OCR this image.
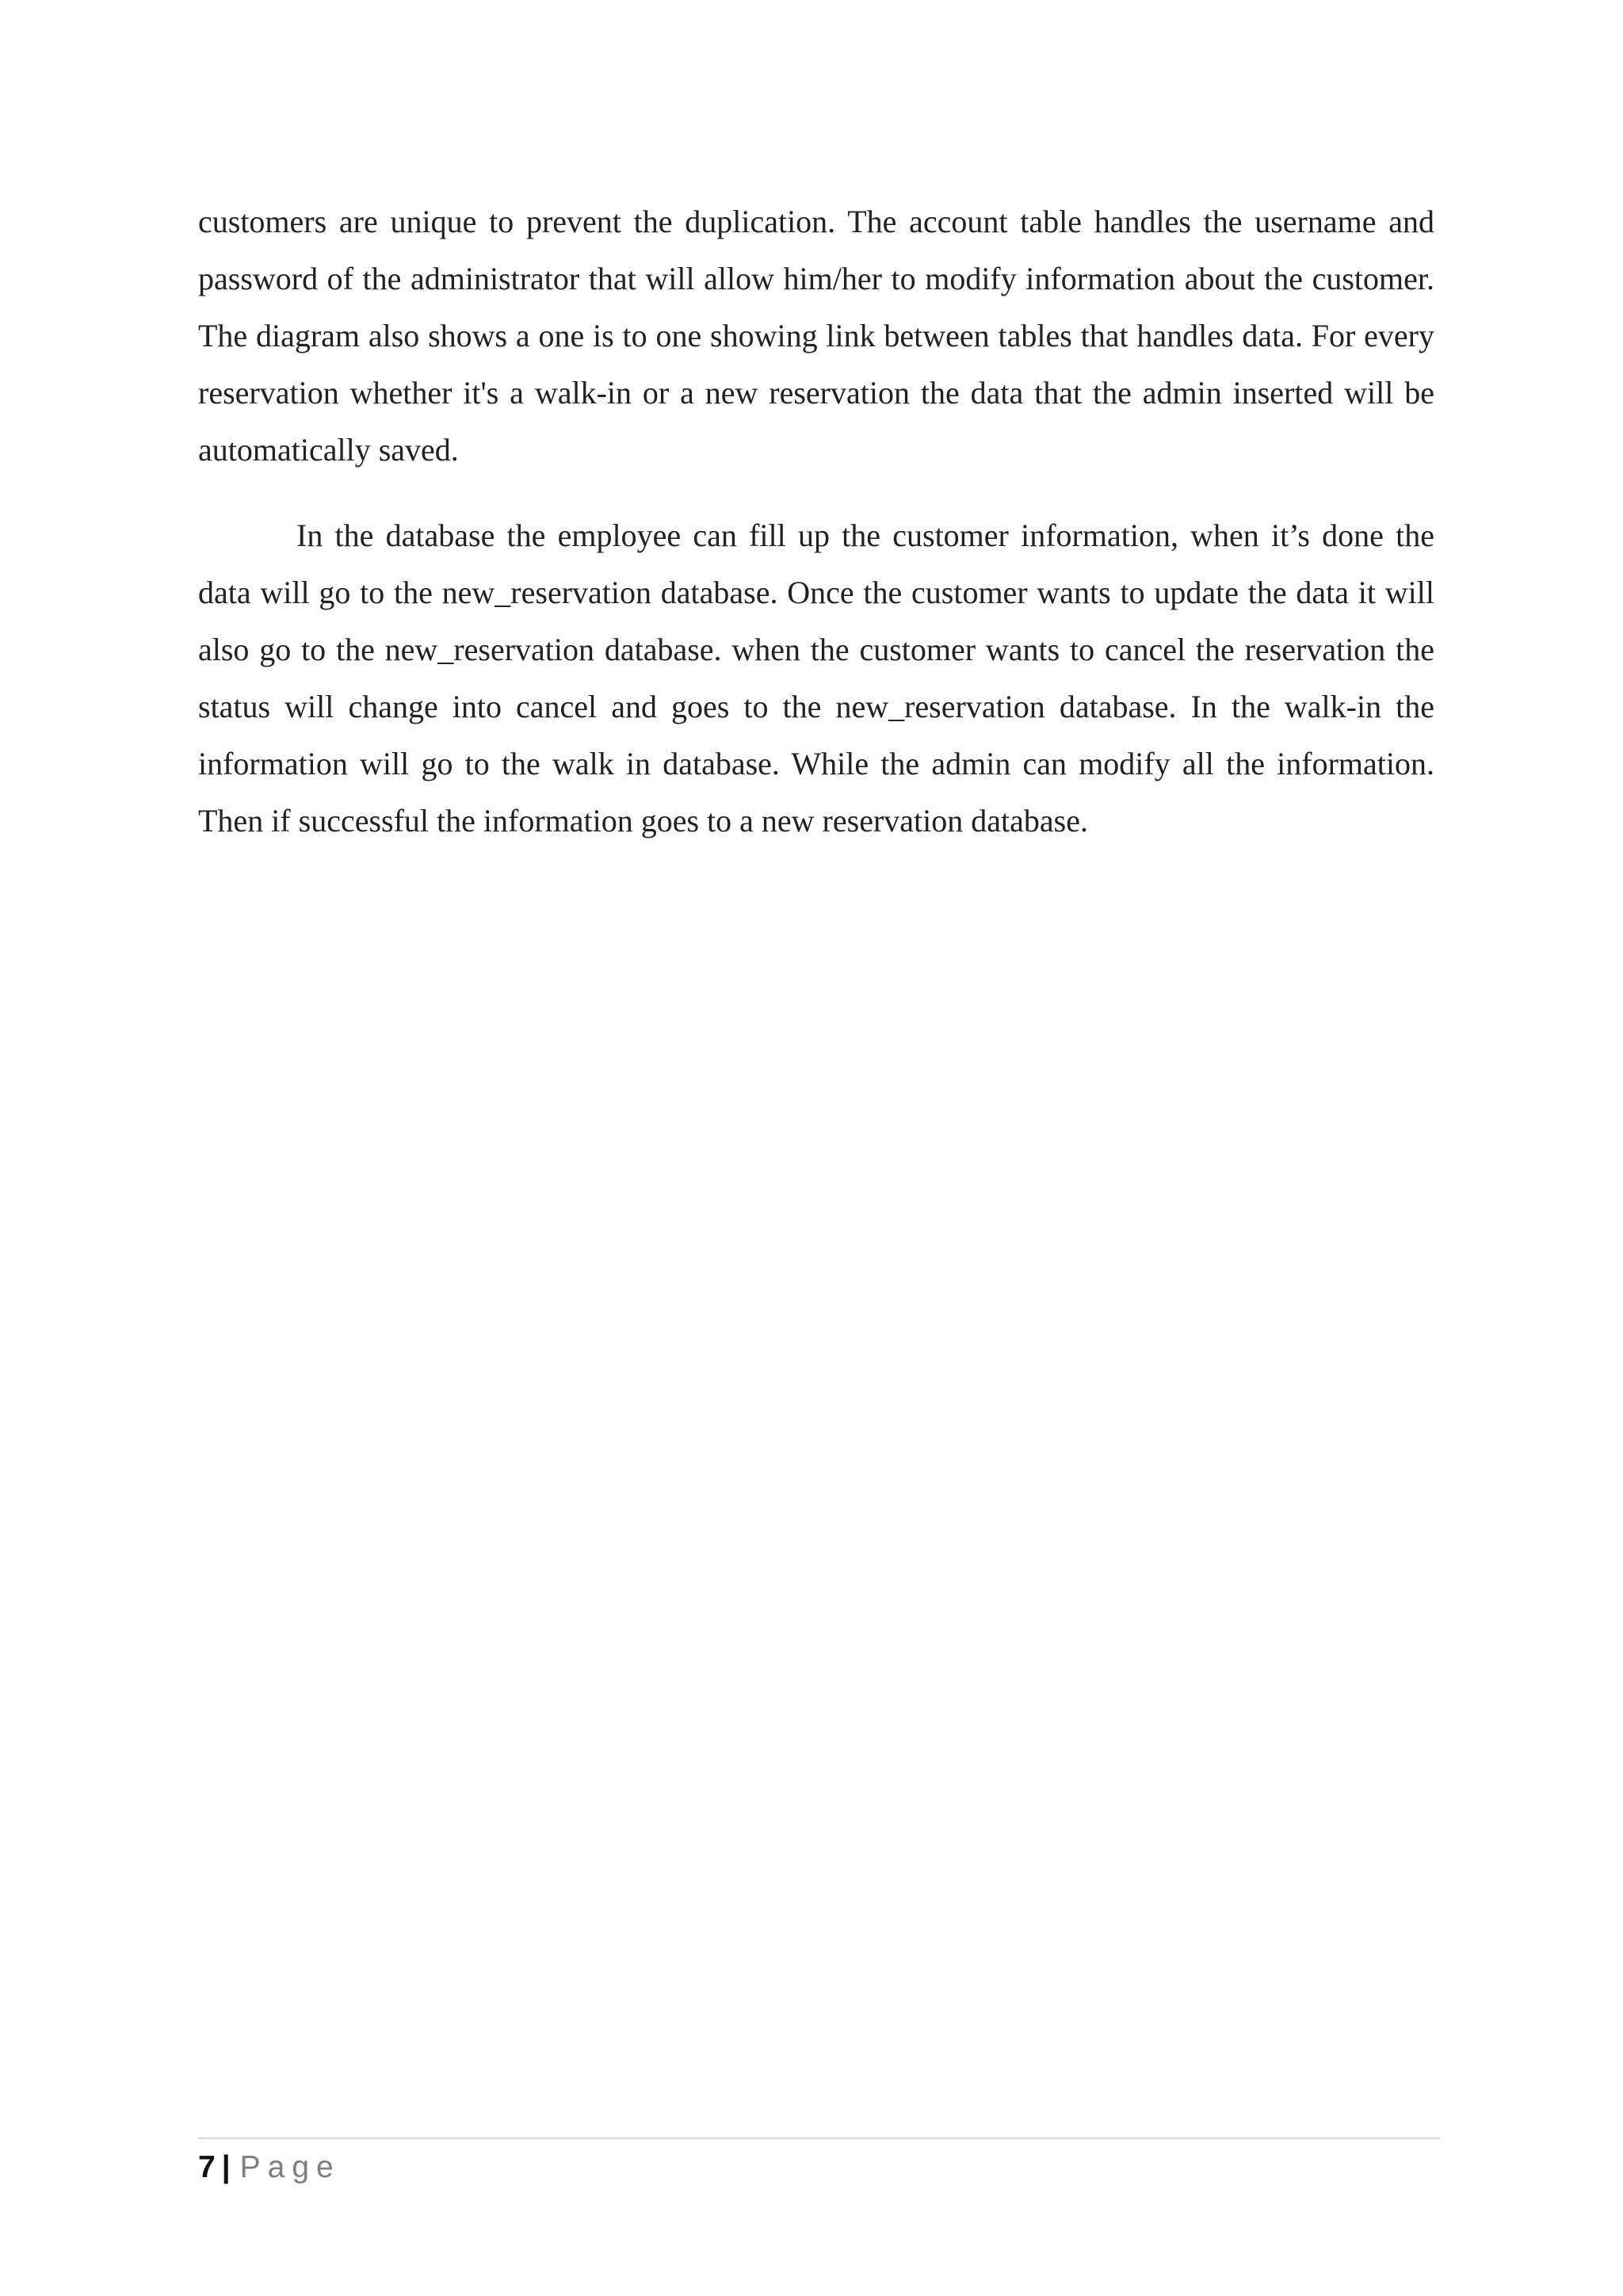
customers are unique to prevent the duplication. The account table handles the username and password of the administrator that will allow him/her to modify information about the customer. The diagram also shows a one is to one showing link between tables that handles data. For every reservation whether it's a walk-in or a new reservation the data that the admin inserted will be automatically saved.

In the database the employee can fill up the customer information, when it’s done the data will go to the new_reservation database. Once the customer wants to update the data it will also go to the new_reservation database. when the customer wants to cancel the reservation the status will change into cancel and goes to the new_reservation database. In the walk-in the information will go to the walk in database. While the admin can modify all the information. Then if successful the information goes to a new reservation database.

7 | Page
